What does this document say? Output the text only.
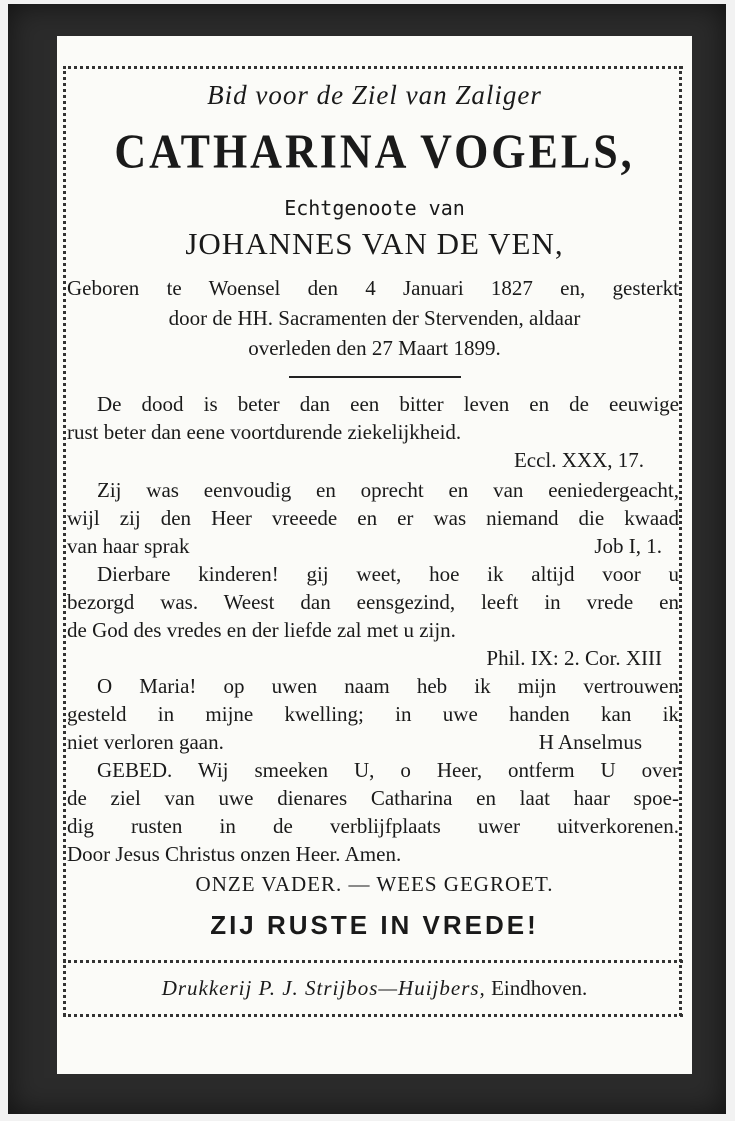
Bid voor de Ziel van Zaliger
CATHARINA VOGELS,
Echtgenoote van
JOHANNES VAN DE VEN,
Geboren te Woensel den 4 Januari 1827 en, gesterkt
door de HH. Sacramenten der Stervenden, aldaar
overleden den 27 Maart 1899.
De dood is beter dan een bitter leven en de eeuwige
rust beter dan eene voortdurende ziekelijkheid.
Eccl. XXX, 17.
Zij was eenvoudig en oprecht en van eeniedergeacht,
wijl zij den Heer vreeede en er was niemand die kwaad
van haar sprak	Job I, 1.
Dierbare kinderen! gij weet, hoe ik altijd voor u
bezorgd was. Weest dan eensgezind, leeft in vrede en
de God des vredes en der liefde zal met u zijn.
Phil. IX: 2. Cor. XIII
O Maria! op uwen naam heb ik mijn vertrouwen
gesteld in mijne kwelling; in uwe handen kan ik
niet verloren gaan.	H Anselmus
GEBED. Wij smeeken U, o Heer, ontferm U over
de ziel van uwe dienares Catharina en laat haar spoe-
dig rusten in de verblijfplaats uwer uitverkorenen.
Door Jesus Christus onzen Heer. Amen.
ONZE VADER. — WEES GEGROET.
ZIJ RUSTE IN VREDE!
Drukkerij P. J. Strijbos—Huijbers, Eindhoven.
